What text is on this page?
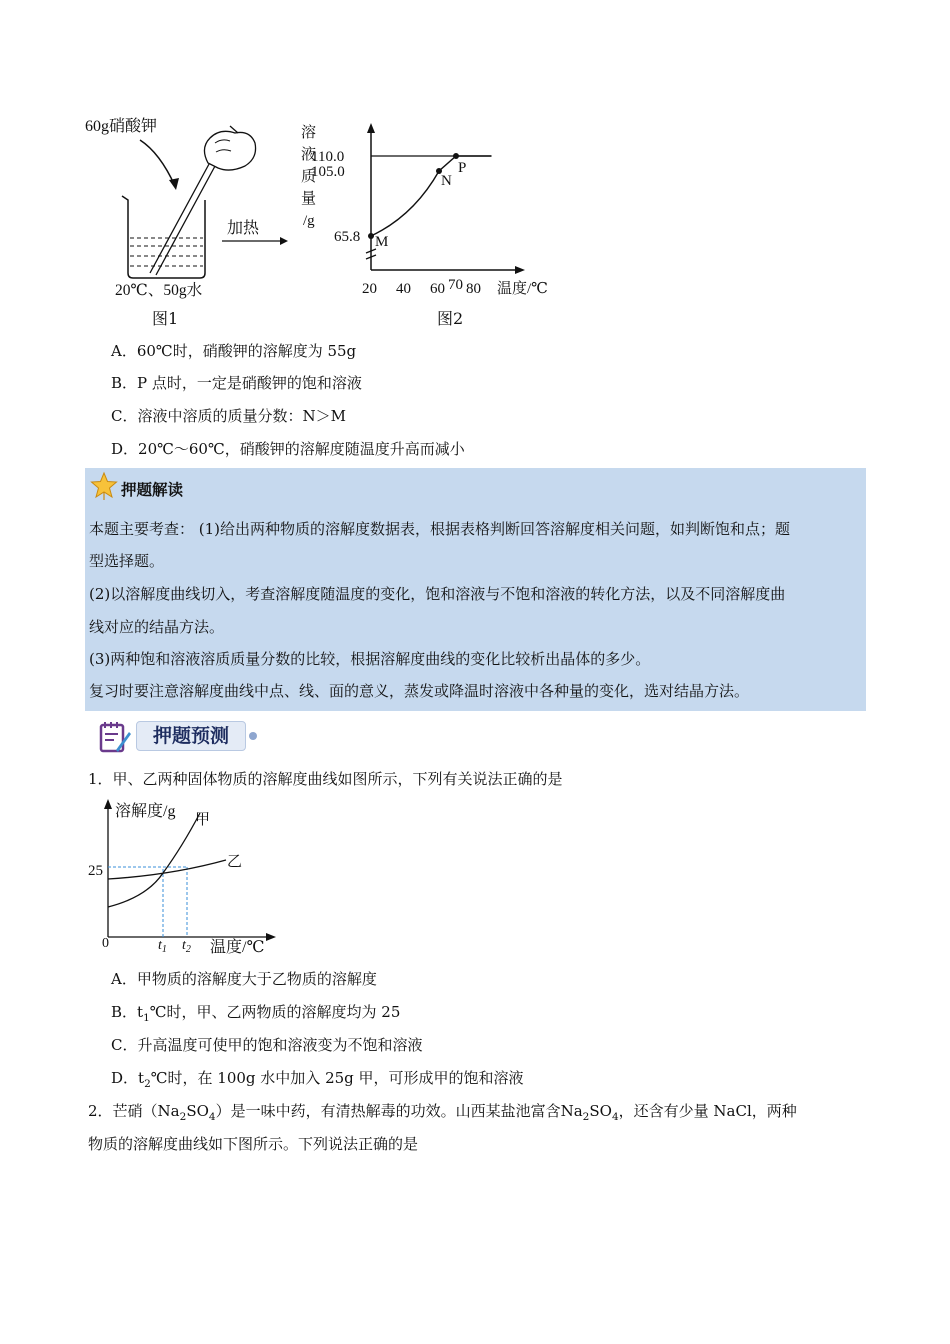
60g硝酸钾
加热
20℃、50g水
图1
溶
液
质
量
/g
110.0
105.0
65.8
20 40 60 70 80 温度/℃
M
N
P
图2
A．60℃时，硝酸钾的溶解度为 55g
B．P 点时，一定是硝酸钾的饱和溶液
C．溶液中溶质的质量分数：N＞M
D．20℃～60℃，硝酸钾的溶解度随温度升高而减小
押题解读
本题主要考查： (1)给出两种物质的溶解度数据表，根据表格判断回答溶解度相关问题，如判断饱和点；题
型选择题。
(2)以溶解度曲线切入，考查溶解度随温度的变化，饱和溶液与不饱和溶液的转化方法，以及不同溶解度曲
线对应的结晶方法。
(3)两种饱和溶液溶质质量分数的比较，根据溶解度曲线的变化比较析出晶体的多少。
复习时要注意溶解度曲线中点、线、面的意义，蒸发或降温时溶液中各种量的变化，选对结晶方法。
押题预测
1．甲、乙两种固体物质的溶解度曲线如图所示，下列有关说法正确的是
溶解度/g
25
0
甲
乙
$t_1$ $t_2$ 温度/℃
A．甲物质的溶解度大于乙物质的溶解度
B．$t_1℃$时，甲、乙两物质的溶解度均为 25
C．升高温度可使甲的饱和溶液变为不饱和溶液
D．$t_2℃$时，在 100g 水中加入 25g 甲，可形成甲的饱和溶液
2．芒硝$(Na_2SO_4)$是一味中药，有清热解毒的功效。山西某盐池富含$Na_2SO_4$，还含有少量 NaCl，两种
物质的溶解度曲线如下图所示。下列说法正确的是
